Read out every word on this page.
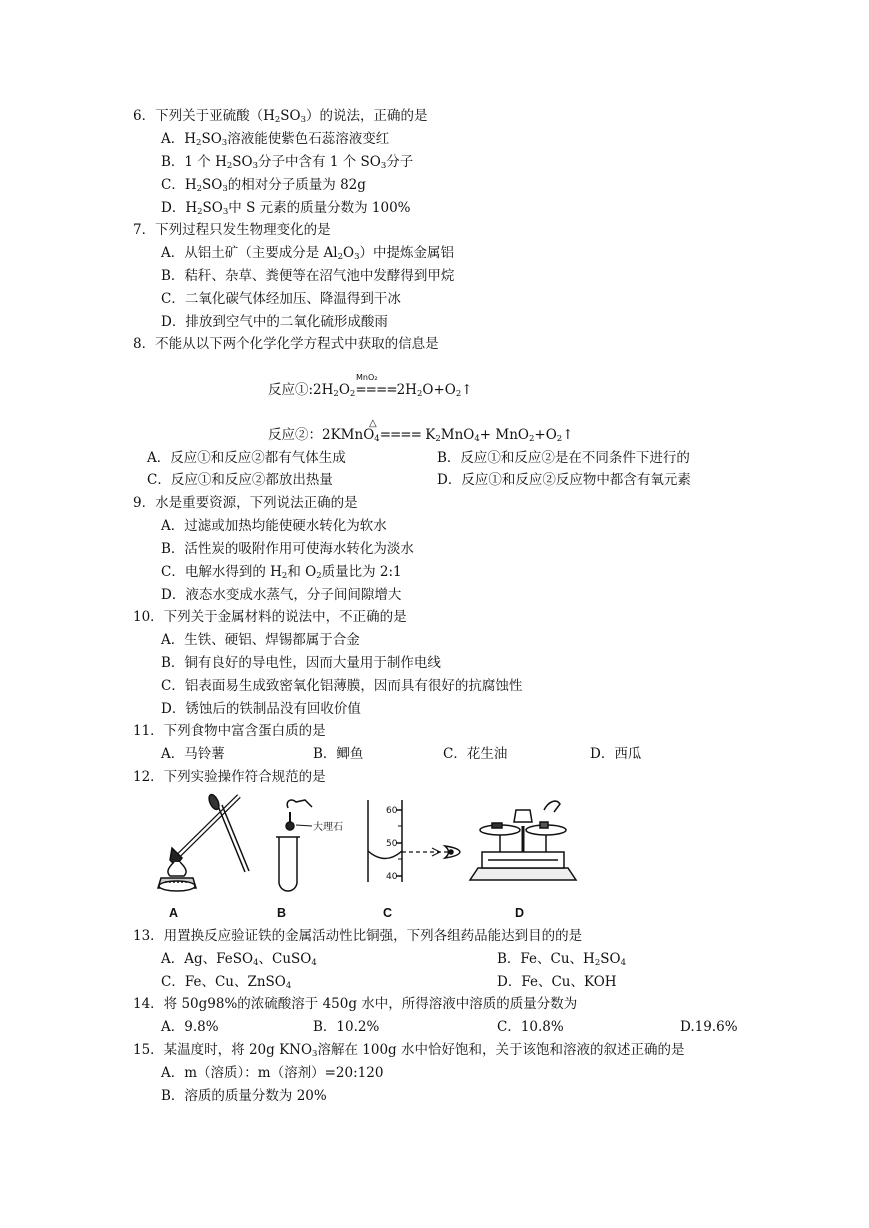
6．下列关于亚硫酸$(H_2SO_3)$的说法，正确的是
A．$H_2SO_3$溶液能使紫色石蕊溶液变红
B．1 个 $H_2SO_3$分子中含有 1 个 $SO_3$分子
C．$H_2SO_3$的相对分子质量为 82g
D．$H_2SO_3$中 S 元素的质量分数为 100%
7．下列过程只发生物理变化的是
A．从铝土矿（主要成分是 $Al_2O_3$）中提炼金属铝
B．秸秆、杂草、粪便等在沼气池中发酵得到甲烷
C．二氧化碳气体经加压、降温得到干冰
D．排放到空气中的二氧化硫形成酸雨
8．不能从以下两个化学化学方程式中获取的信息是
MnO₂
反应$①:2H_2O_2====2H_2O+O_2↑$
△
反应②：2KMnO$_4$==== $K_2MnO_4+$ $MnO_2+O_2↑$
A．反应①和反应②都有气体生成	B．反应①和反应②是在不同条件下进行的
C．反应①和反应②都放出热量	D．反应①和反应②反应物中都含有氧元素
9．水是重要资源，下列说法正确的是
A．过滤或加热均能使硬水转化为软水
B．活性炭的吸附作用可使海水转化为淡水
C．电解水得到的 $H_2$和 $O_2$质量比为 2:1
D．液态水变成水蒸气，分子间间隙增大
10．下列关于金属材料的说法中，不正确的是
A．生铁、硬铝、焊锡都属于合金
B．铜有良好的导电性，因而大量用于制作电线
C．铝表面易生成致密氧化铝薄膜，因而具有很好的抗腐蚀性
D．锈蚀后的铁制品没有回收价值
11．下列食物中富含蛋白质的是
A．马铃薯	B．鲫鱼	C．花生油	D．西瓜
12．下列实验操作符合规范的是
大理石
60
50
40
A	B	C	D
13．用置换反应验证铁的金属活动性比铜强，下列各组药品能达到目的的是
A．Ag、FeSO$_4$、CuSO$_4$	B．Fe、Cu、$H_2SO_4$
C．Fe、Cu、ZnSO$_4$	D．Fe、Cu、KOH
14．将 50g98%的浓硫酸溶于 450g 水中，所得溶液中溶质的质量分数为
A．9.8%	B．10.2%	C．10.8%	D.19.6%
15．某温度时，将 20g $KNO_3$溶解在 100g 水中恰好饱和，关于该饱和溶液的叙述正确的是
A．m（溶质）：m（溶剂）=20:120
B．溶质的质量分数为 20%
